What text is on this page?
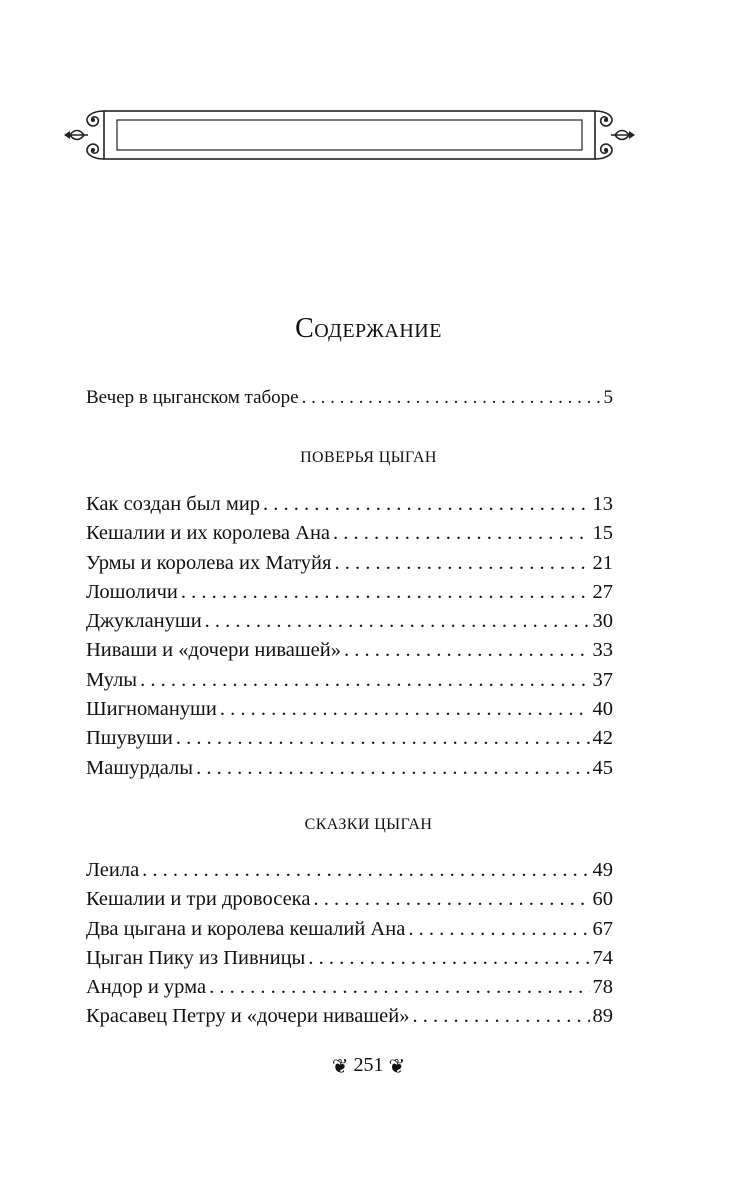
Содержание
Вечер в цыганском таборе . . .	5
ПОВЕРЬЯ ЦЫГАН
Как создан был мир . . .	13
Кешалии и их королева Ана . . .	15
Урмы и королева их Матуйя . . .	21
Лошоличи . . .	27
Джуклануши . . .	30
Ниваши и «дочери нивашей» . . .	33
Мулы . . .	37
Шигномануши . . .	40
Пшувуши . . .	42
Машурдалы . . .	45
СКАЗКИ ЦЫГАН
Леила . . .	49
Кешалии и три дровосека . . .	60
Два цыгана и королева кешалий Ана . . .	67
Цыган Пику из Пивницы . . .	74
Андор и урма . . .	78
Красавец Петру и «дочери нивашей» . . .	89
❦ 251 ❦
